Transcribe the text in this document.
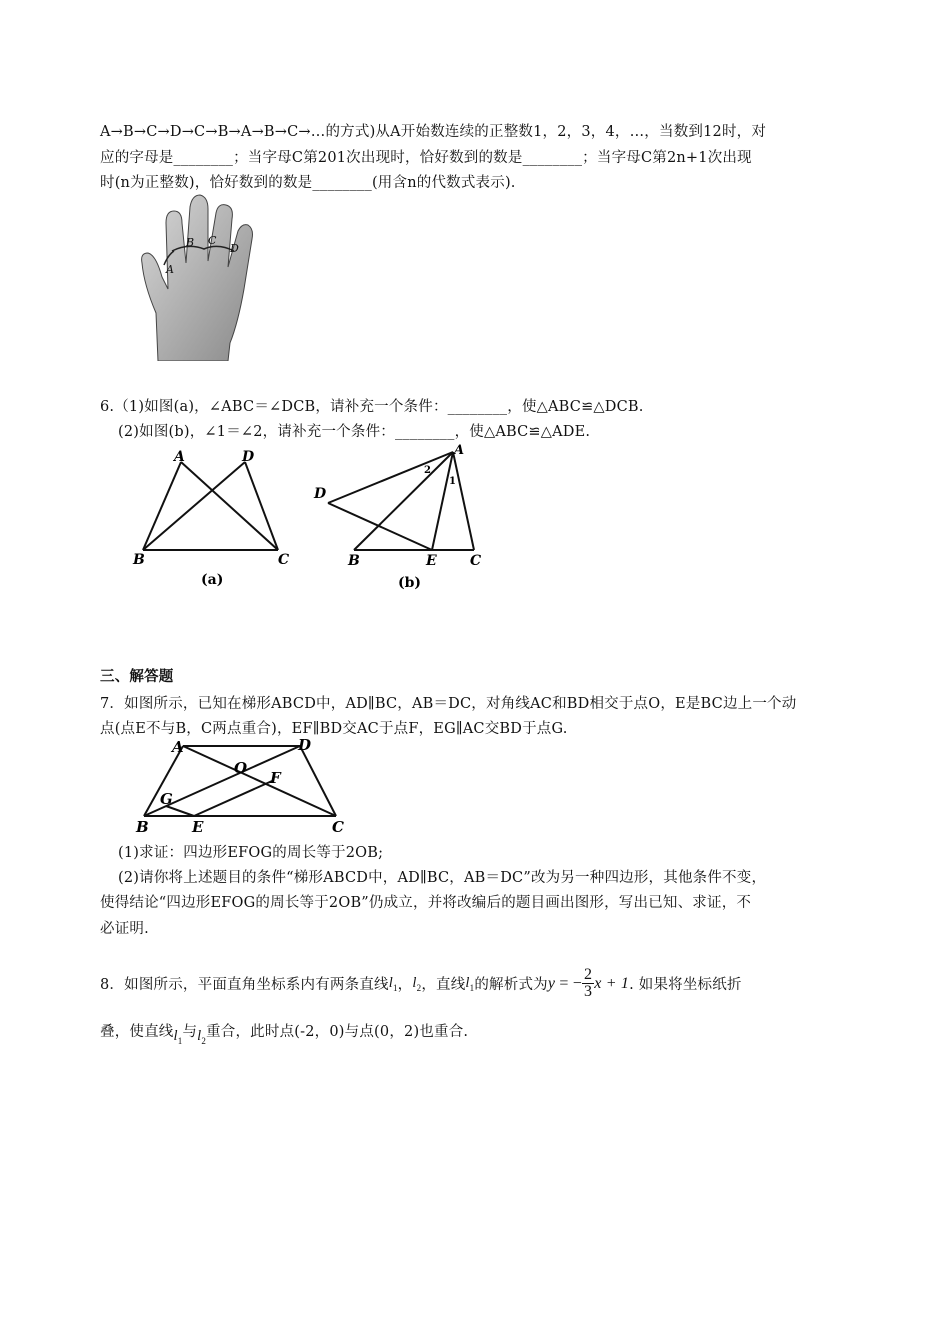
A→B→C→D→C→B→A→B→C→…的方式)从A开始数连续的正整数1，2，3，4，…，当数到12时，对
应的字母是________；当字母C第201次出现时，恰好数到的数是________；当字母C第2n+1次出现
时(n为正整数)，恰好数到的数是________(用含n的代数式表示).
A
B C
D
6.（1)如图(a)，∠ABC＝∠DCB，请补充一个条件：________，使△ABC≌△DCB.
(2)如图(b)，∠1＝∠2，请补充一个条件：________，使△ABC≌△ADE.
A	D
B	C
(a)
A
D
B	E C
1
2
(b)
三、解答题
7．如图所示，已知在梯形ABCD中，AD∥BC，AB＝DC，对角线AC和BD相交于点O，E是BC边上一个动
点(点E不与B，C两点重合)，EF∥BD交AC于点F，EG∥AC交BD于点G.
A	D
O
F
G
B	E	C
(1)求证：四边形EFOG的周长等于2OB;
(2)请你将上述题目的条件“梯形ABCD中，AD∥BC，AB＝DC”改为另一种四边形，其他条件不变，
使得结论“四边形EFOG的周长等于2OB”仍成立，并将改编后的题目画出图形，写出已知、求证，不
必证明.
8．如图所示，平面直角坐标系内有两条直线 $l_1$ ， $l_2$ ，直线 $l_1$ 的解析式为 y = − $\frac{2}{3}$ x + 1 . 如果将坐标纸折
叠，使直线 $l_1$
与 $l_2$
重合，此时点(-2，0)与点(0，2)也重合.
